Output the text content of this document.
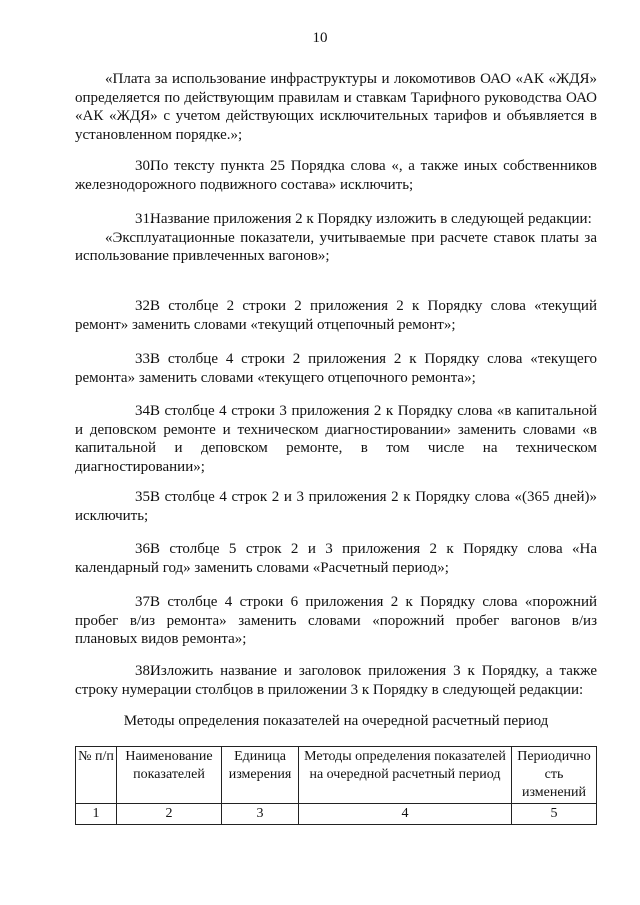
10

«Плата за использование инфраструктуры и локомотивов ОАО «АК «ЖДЯ» определяется по действующим правилам и ставкам Тарифного руководства ОАО «АК «ЖДЯ» с учетом действующих исключительных тарифов и объявляется в установленном порядке.»;

30.По тексту пункта 25 Порядка слова «, а также иных собственников железнодорожного подвижного состава» исключить;

31.Название приложения 2 к Порядку изложить в следующей редакции:

«Эксплуатационные показатели, учитываемые при расчете ставок платы за использование привлеченных вагонов»;

32.В столбце 2 строки 2 приложения 2 к Порядку слова «текущий ремонт» заменить словами «текущий отцепочный ремонт»;

33.В столбце 4 строки 2 приложения 2 к Порядку слова «текущего ремонта» заменить словами «текущего отцепочного ремонта»;

34.В столбце 4 строки 3 приложения 2 к Порядку слова «в капитальной и деповском ремонте и техническом диагностировании» заменить словами «в капитальной и деповском ремонте, в том числе на техническом диагностировании»;

35.В столбце 4 строк 2 и 3 приложения 2 к Порядку слова «(365 дней)» исключить;

36.В столбце 5 строк 2 и 3 приложения 2 к Порядку слова «На календарный год» заменить словами «Расчетный период»;

37.В столбце 4 строки 6 приложения 2 к Порядку слова «порожний пробег в/из ремонта» заменить словами «порожний пробег вагонов в/из плановых видов ремонта»;

38.Изложить название и заголовок приложения 3 к Порядку, а также строку нумерации столбцов в приложении 3 к Порядку в следующей редакции:

Методы определения показателей на очередной расчетный период
№ п/п	Наименование показателей	Единица измерения	Методы определения показателей на очередной расчетный период	Периодично сть изменений
1	2	3	4	5
